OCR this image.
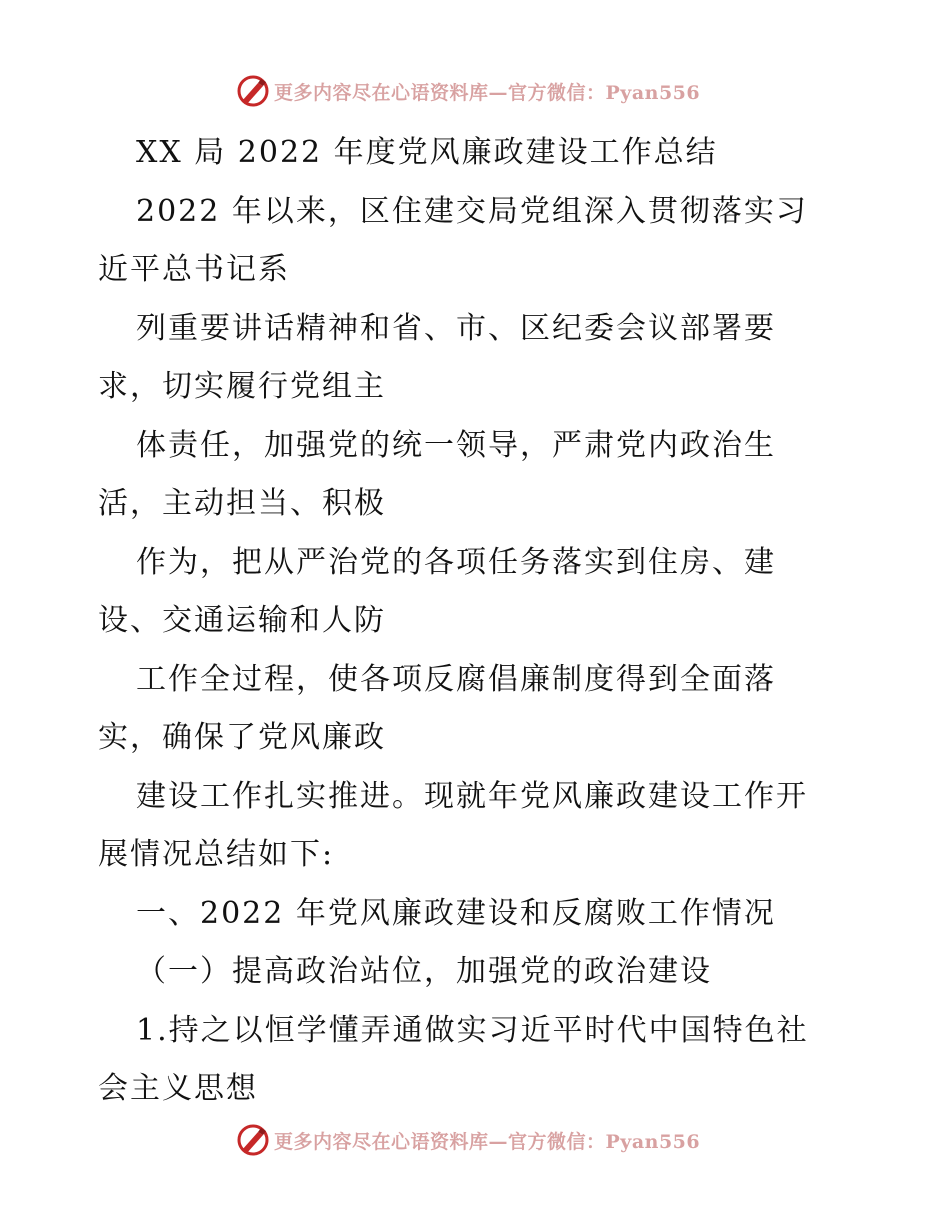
更多内容尽在心语资料库—官方微信：Pyan556

XX 局 2022 年度党风廉政建设工作总结

2022 年以来，区住建交局党组深入贯彻落实习

近平总书记系

列重要讲话精神和省、市、区纪委会议部署要

求，切实履行党组主

体责任，加强党的统一领导，严肃党内政治生

活，主动担当、积极

作为，把从严治党的各项任务落实到住房、建

设、交通运输和人防

工作全过程，使各项反腐倡廉制度得到全面落

实，确保了党风廉政

建设工作扎实推进。现就年党风廉政建设工作开

展情况总结如下:

一、2022 年党风廉政建设和反腐败工作情况

（一）提高政治站位，加强党的政治建设

1.持之以恒学懂弄通做实习近平时代中国特色社

会主义思想

更多内容尽在心语资料库—官方微信：Pyan556
